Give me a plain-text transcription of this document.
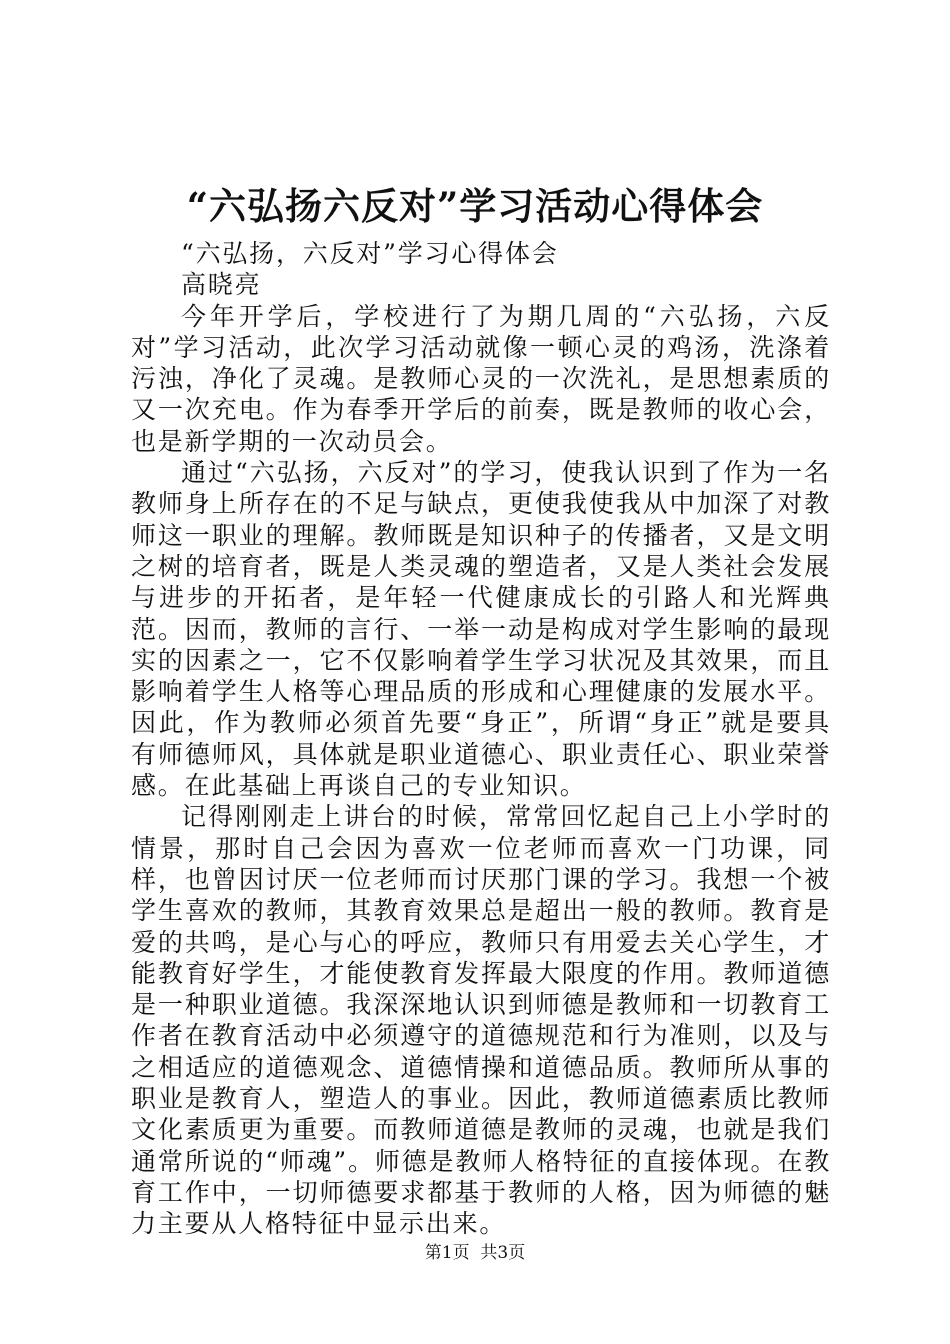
“六弘扬六反对”学习活动心得体会

“六弘扬，六反对”学习心得体会

高晓亮

今年开学后，学校进行了为期几周的“六弘扬，六反对”学习活动，此次学习活动就像一顿心灵的鸡汤，洗涤着污浊，净化了灵魂。是教师心灵的一次洗礼，是思想素质的又一次充电。作为春季开学后的前奏，既是教师的收心会，也是新学期的一次动员会。

通过“六弘扬，六反对”的学习，使我认识到了作为一名教师身上所存在的不足与缺点，更使我使我从中加深了对教师这一职业的理解。教师既是知识种子的传播者，又是文明之树的培育者，既是人类灵魂的塑造者，又是人类社会发展与进步的开拓者，是年轻一代健康成长的引路人和光辉典范。因而，教师的言行、一举一动是构成对学生影响的最现实的因素之一，它不仅影响着学生学习状况及其效果，而且影响着学生人格等心理品质的形成和心理健康的发展水平。因此，作为教师必须首先要“身正”，所谓“身正”就是要具有师德师风，具体就是职业道德心、职业责任心、职业荣誉感。在此基础上再谈自己的专业知识。

记得刚刚走上讲台的时候，常常回忆起自己上小学时的情景，那时自己会因为喜欢一位老师而喜欢一门功课，同样，也曾因讨厌一位老师而讨厌那门课的学习。我想一个被学生喜欢的教师，其教育效果总是超出一般的教师。教育是爱的共鸣，是心与心的呼应，教师只有用爱去关心学生，才能教育好学生，才能使教育发挥最大限度的作用。教师道德是一种职业道德。我深深地认识到师德是教师和一切教育工作者在教育活动中必须遵守的道德规范和行为准则，以及与之相适应的道德观念、道德情操和道德品质。教师所从事的职业是教育人，塑造人的事业。因此，教师道德素质比教师文化素质更为重要。而教师道德是教师的灵魂，也就是我们通常所说的“师魂”。师德是教师人格特征的直接体现。在教育工作中，一切师德要求都基于教师的人格，因为师德的魅力主要从人格特征中显示出来。

第1页  共3页
